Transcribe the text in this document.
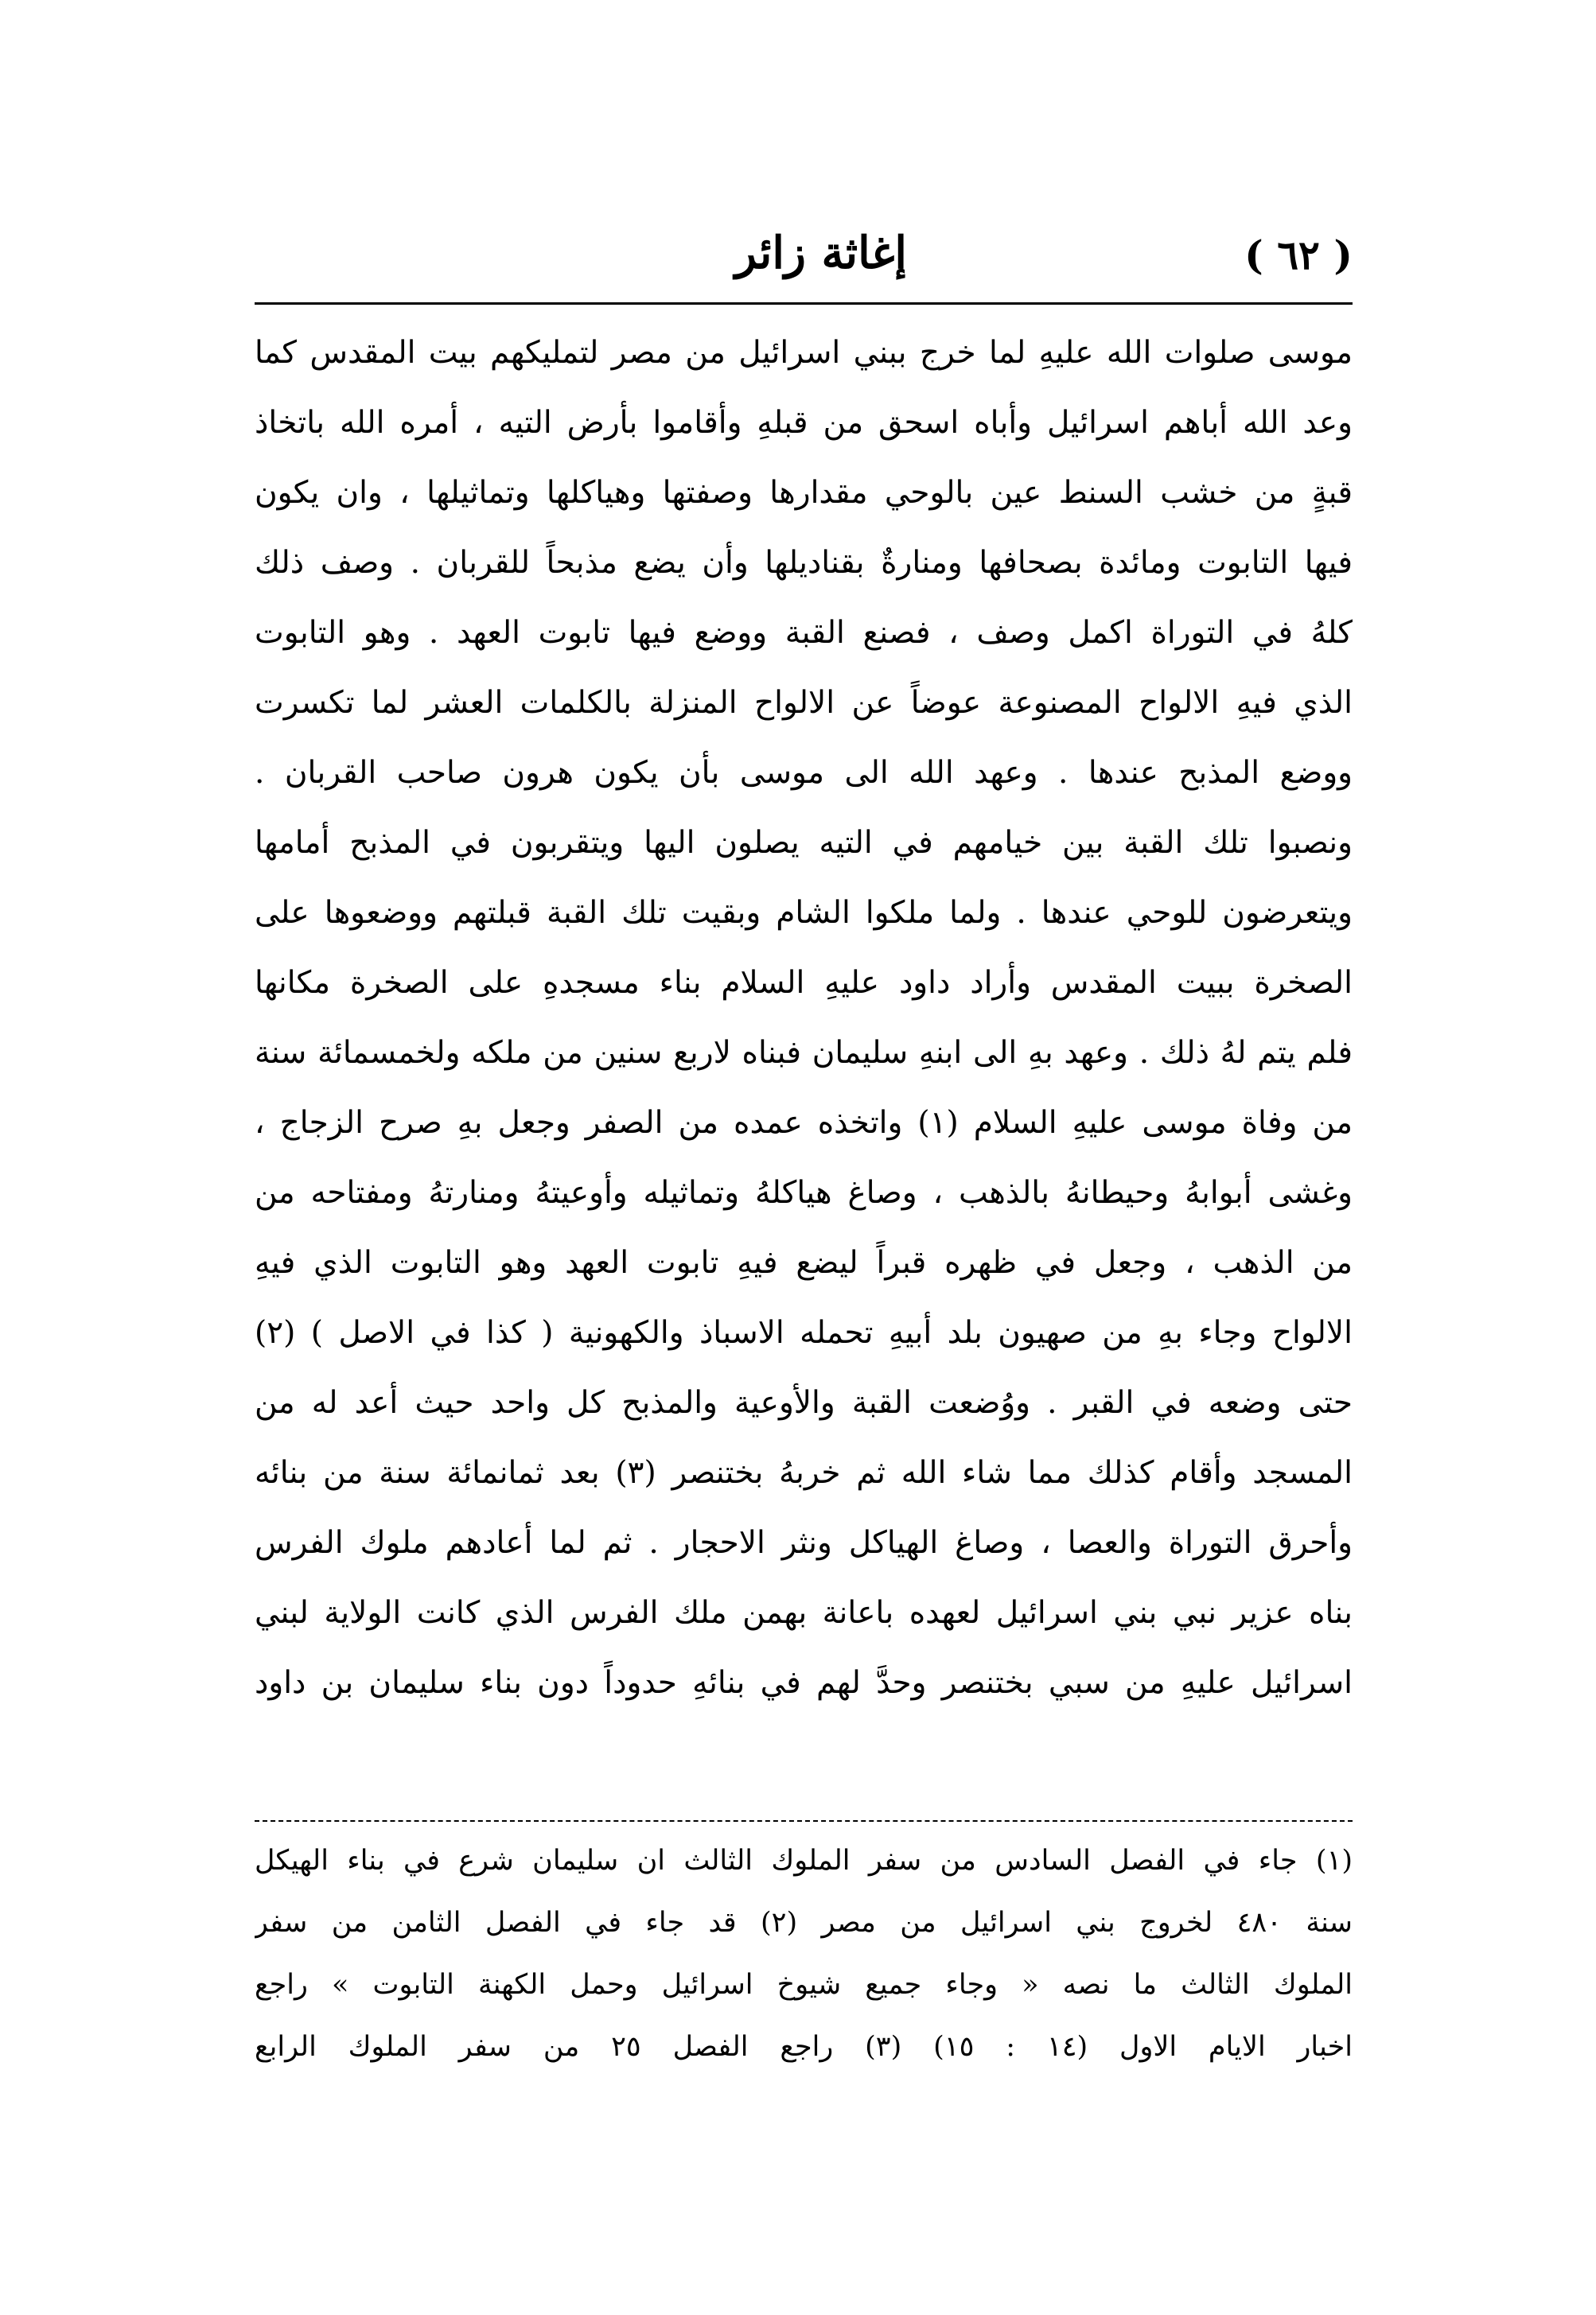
( ٦٢ )
إغاثة زائر
موسى صلوات الله عليهِ لما خرج ببني اسرائيل من مصر لتمليكهم بيت المقدس كما
وعد الله أباهم اسرائيل وأباه اسحق من قبلهِ وأقاموا بأرض التيه ، أمره الله باتخاذ
قبةٍ من خشب السنط عين بالوحي مقدارها وصفتها وهياكلها وتماثيلها ، وان يكون
فيها التابوت ومائدة بصحافها ومنارةٌ بقناديلها وأن يضع مذبحاً للقربان . وصف ذلك
كلهُ في التوراة اكمل وصف ، فصنع القبة ووضع فيها تابوت العهد . وهو التابوت
الذي فيهِ الالواح المصنوعة عوضاً عن الالواح المنزلة بالكلمات العشر لما تكسرت
ووضع المذبح عندها . وعهد الله الى موسى بأن يكون هرون صاحب القربان .
ونصبوا تلك القبة بين خيامهم في التيه يصلون اليها ويتقربون في المذبح أمامها
ويتعرضون للوحي عندها . ولما ملكوا الشام وبقيت تلك القبة قبلتهم ووضعوها على
الصخرة ببيت المقدس وأراد داود عليهِ السلام بناء مسجدهِ على الصخرة مكانها
فلم يتم لهُ ذلك . وعهد بهِ الى ابنهِ سليمان فبناه لاربع سنين من ملكه ولخمسمائة سنة
من وفاة موسى عليهِ السلام (١) واتخذه عمده من الصفر وجعل بهِ صرح الزجاج ،
وغشى أبوابهُ وحيطانهُ بالذهب ، وصاغ هياكلهُ وتماثيله وأوعيتهُ ومنارتهُ ومفتاحه من
من الذهب ، وجعل في ظهره قبراً ليضع فيهِ تابوت العهد وهو التابوت الذي فيهِ
الالواح وجاء بهِ من صهيون بلد أبيهِ تحمله الاسباذ والكهونية ( كذا في الاصل ) (٢)
حتى وضعه في القبر . ووُضعت القبة والأوعية والمذبح كل واحد حيث أعد له من
المسجد وأقام كذلك مما شاء الله ثم خربهُ بختنصر (٣) بعد ثمانمائة سنة من بنائه
وأحرق التوراة والعصا ، وصاغ الهياكل ونثر الاحجار . ثم لما أعادهم ملوك الفرس
بناه عزير نبي بني اسرائيل لعهده باعانة بهمن ملك الفرس الذي كانت الولاية لبني
اسرائيل عليهِ من سبي بختنصر وحدَّ لهم في بنائهِ حدوداً دون بناء سليمان بن داود
(١) جاء في الفصل السادس من سفر الملوك الثالث ان سليمان شرع في بناء الهيكل
سنة ٤٨٠ لخروج بني اسرائيل من مصر (٢) قد جاء في الفصل الثامن من سفر
الملوك الثالث ما نصه « وجاء جميع شيوخ اسرائيل وحمل الكهنة التابوت » راجع
اخبار الايام الاول (١٤ : ١٥) (٣) راجع الفصل ٢٥ من سفر الملوك الرابع
